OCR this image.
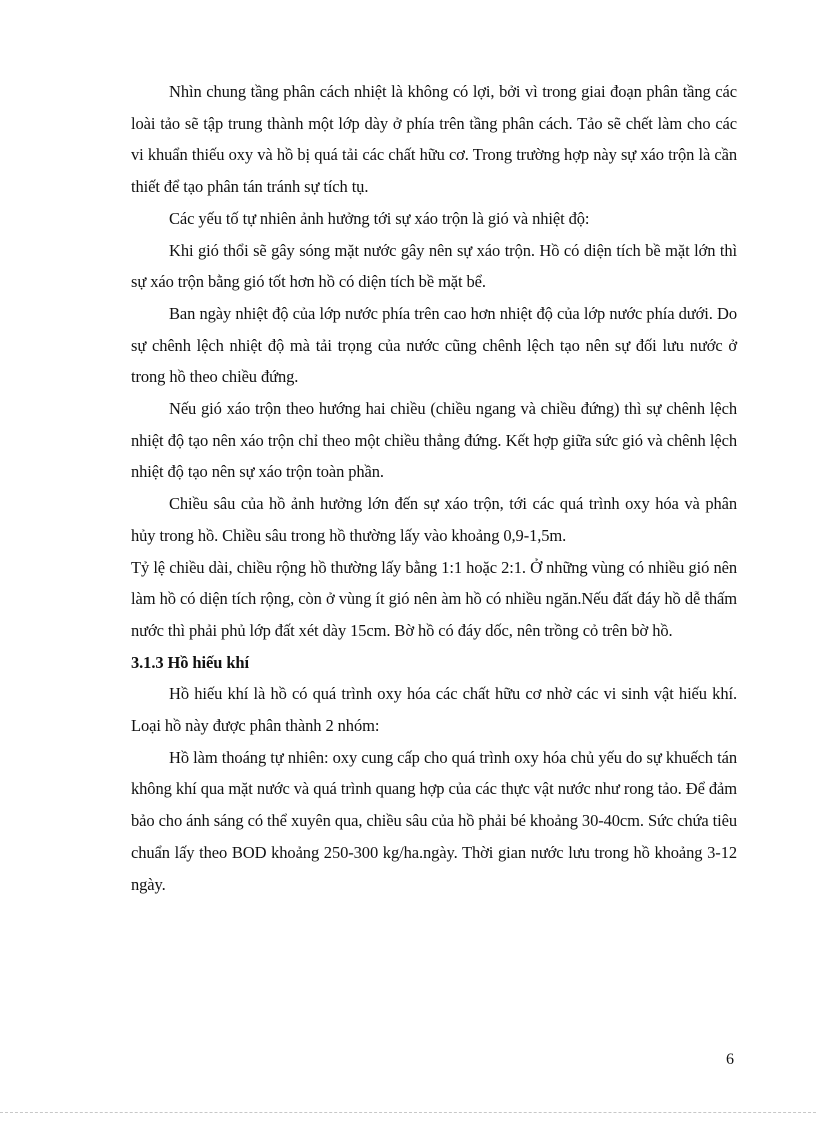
Nhìn chung tầng phân cách nhiệt là không có lợi, bởi vì trong giai đoạn phân tầng các loài tảo sẽ tập trung thành một lớp dày ở phía trên tầng phân cách. Tảo sẽ chết làm cho các vi khuẩn thiếu oxy và hồ bị quá tải các chất hữu cơ. Trong trường hợp này sự xáo trộn là cần thiết để tạo phân tán tránh sự tích tụ.

Các yếu tố tự nhiên ảnh hưởng tới sự xáo trộn là gió và nhiệt độ:

Khi gió thổi sẽ gây sóng mặt nước gây nên sự xáo trộn. Hồ có diện tích bề mặt lớn thì sự xáo trộn bằng gió tốt hơn hồ có diện tích bề mặt bể.

Ban ngày nhiệt độ của lớp nước phía trên cao hơn nhiệt độ của lớp nước phía dưới. Do sự chênh lệch nhiệt độ mà tải trọng của nước cũng chênh lệch tạo nên sự đối lưu nước ở trong hồ theo chiều đứng.

Nếu gió xáo trộn theo hướng hai chiều (chiều ngang và chiều đứng) thì sự chênh lệch nhiệt độ tạo nên xáo trộn chỉ theo một chiều thẳng đứng. Kết hợp giữa sức gió và chênh lệch nhiệt độ tạo nên sự xáo trộn toàn phần.

Chiều sâu của hồ ảnh hưởng lớn đến sự xáo trộn, tới các quá trình oxy hóa và phân hủy trong hồ. Chiều sâu trong hồ thường lấy vào khoảng 0,9-1,5m.

Tỷ lệ chiều dài, chiều rộng hồ thường lấy bằng 1:1 hoặc 2:1. Ở những vùng có nhiều gió nên làm hồ có diện tích rộng, còn ở vùng ít gió nên àm hồ có nhiều ngăn.Nếu đất đáy hồ dễ thấm nước thì phải phủ lớp đất xét dày 15cm. Bờ hồ có đáy dốc, nên trồng cỏ trên bờ hồ.

3.1.3 Hồ hiếu khí

Hồ hiếu khí là hồ có quá trình oxy hóa các chất hữu cơ nhờ các vi sinh vật hiếu khí. Loại hồ này được phân thành 2 nhóm:

Hồ làm thoáng tự nhiên: oxy cung cấp cho quá trình oxy hóa chủ yếu do sự khuếch tán không khí qua mặt nước và quá trình quang hợp của các thực vật nước như rong tảo. Để đảm bảo cho ánh sáng có thể xuyên qua, chiều sâu của hồ phải bé khoảng 30-40cm. Sức chứa tiêu chuẩn lấy theo BOD khoảng 250-300 kg/ha.ngày. Thời gian nước lưu trong hồ khoảng 3-12 ngày.

6
